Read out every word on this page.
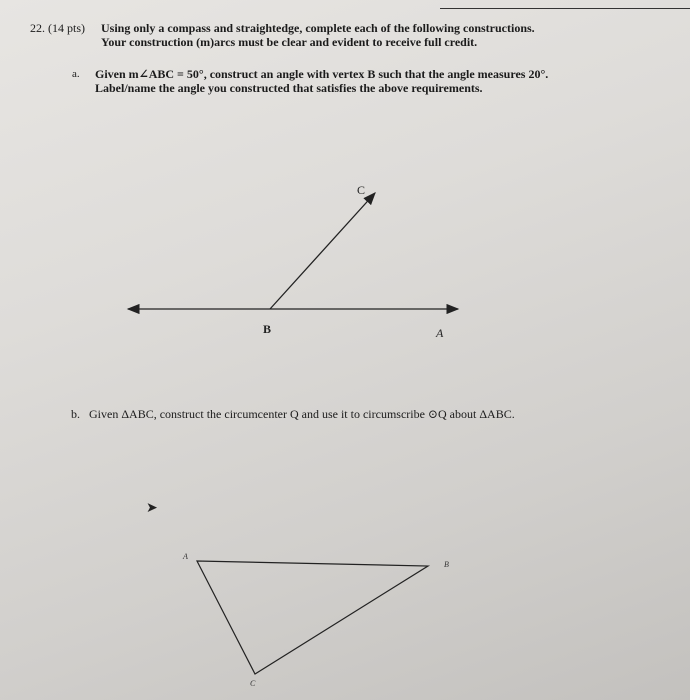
22. (14 pts) Using only a compass and straightedge, complete each of the following constructions.
Your construction (m)arcs must be clear and evident to receive full credit.
a. Given m∠ABC = 50°, construct an angle with vertex B such that the angle measures 20°.
Label/name the angle you constructed that satisfies the above requirements.
C
B	A
b. Given ΔABC, construct the circumcenter Q and use it to circumscribe ⊙Q about ΔABC.
➤
A
B
C
